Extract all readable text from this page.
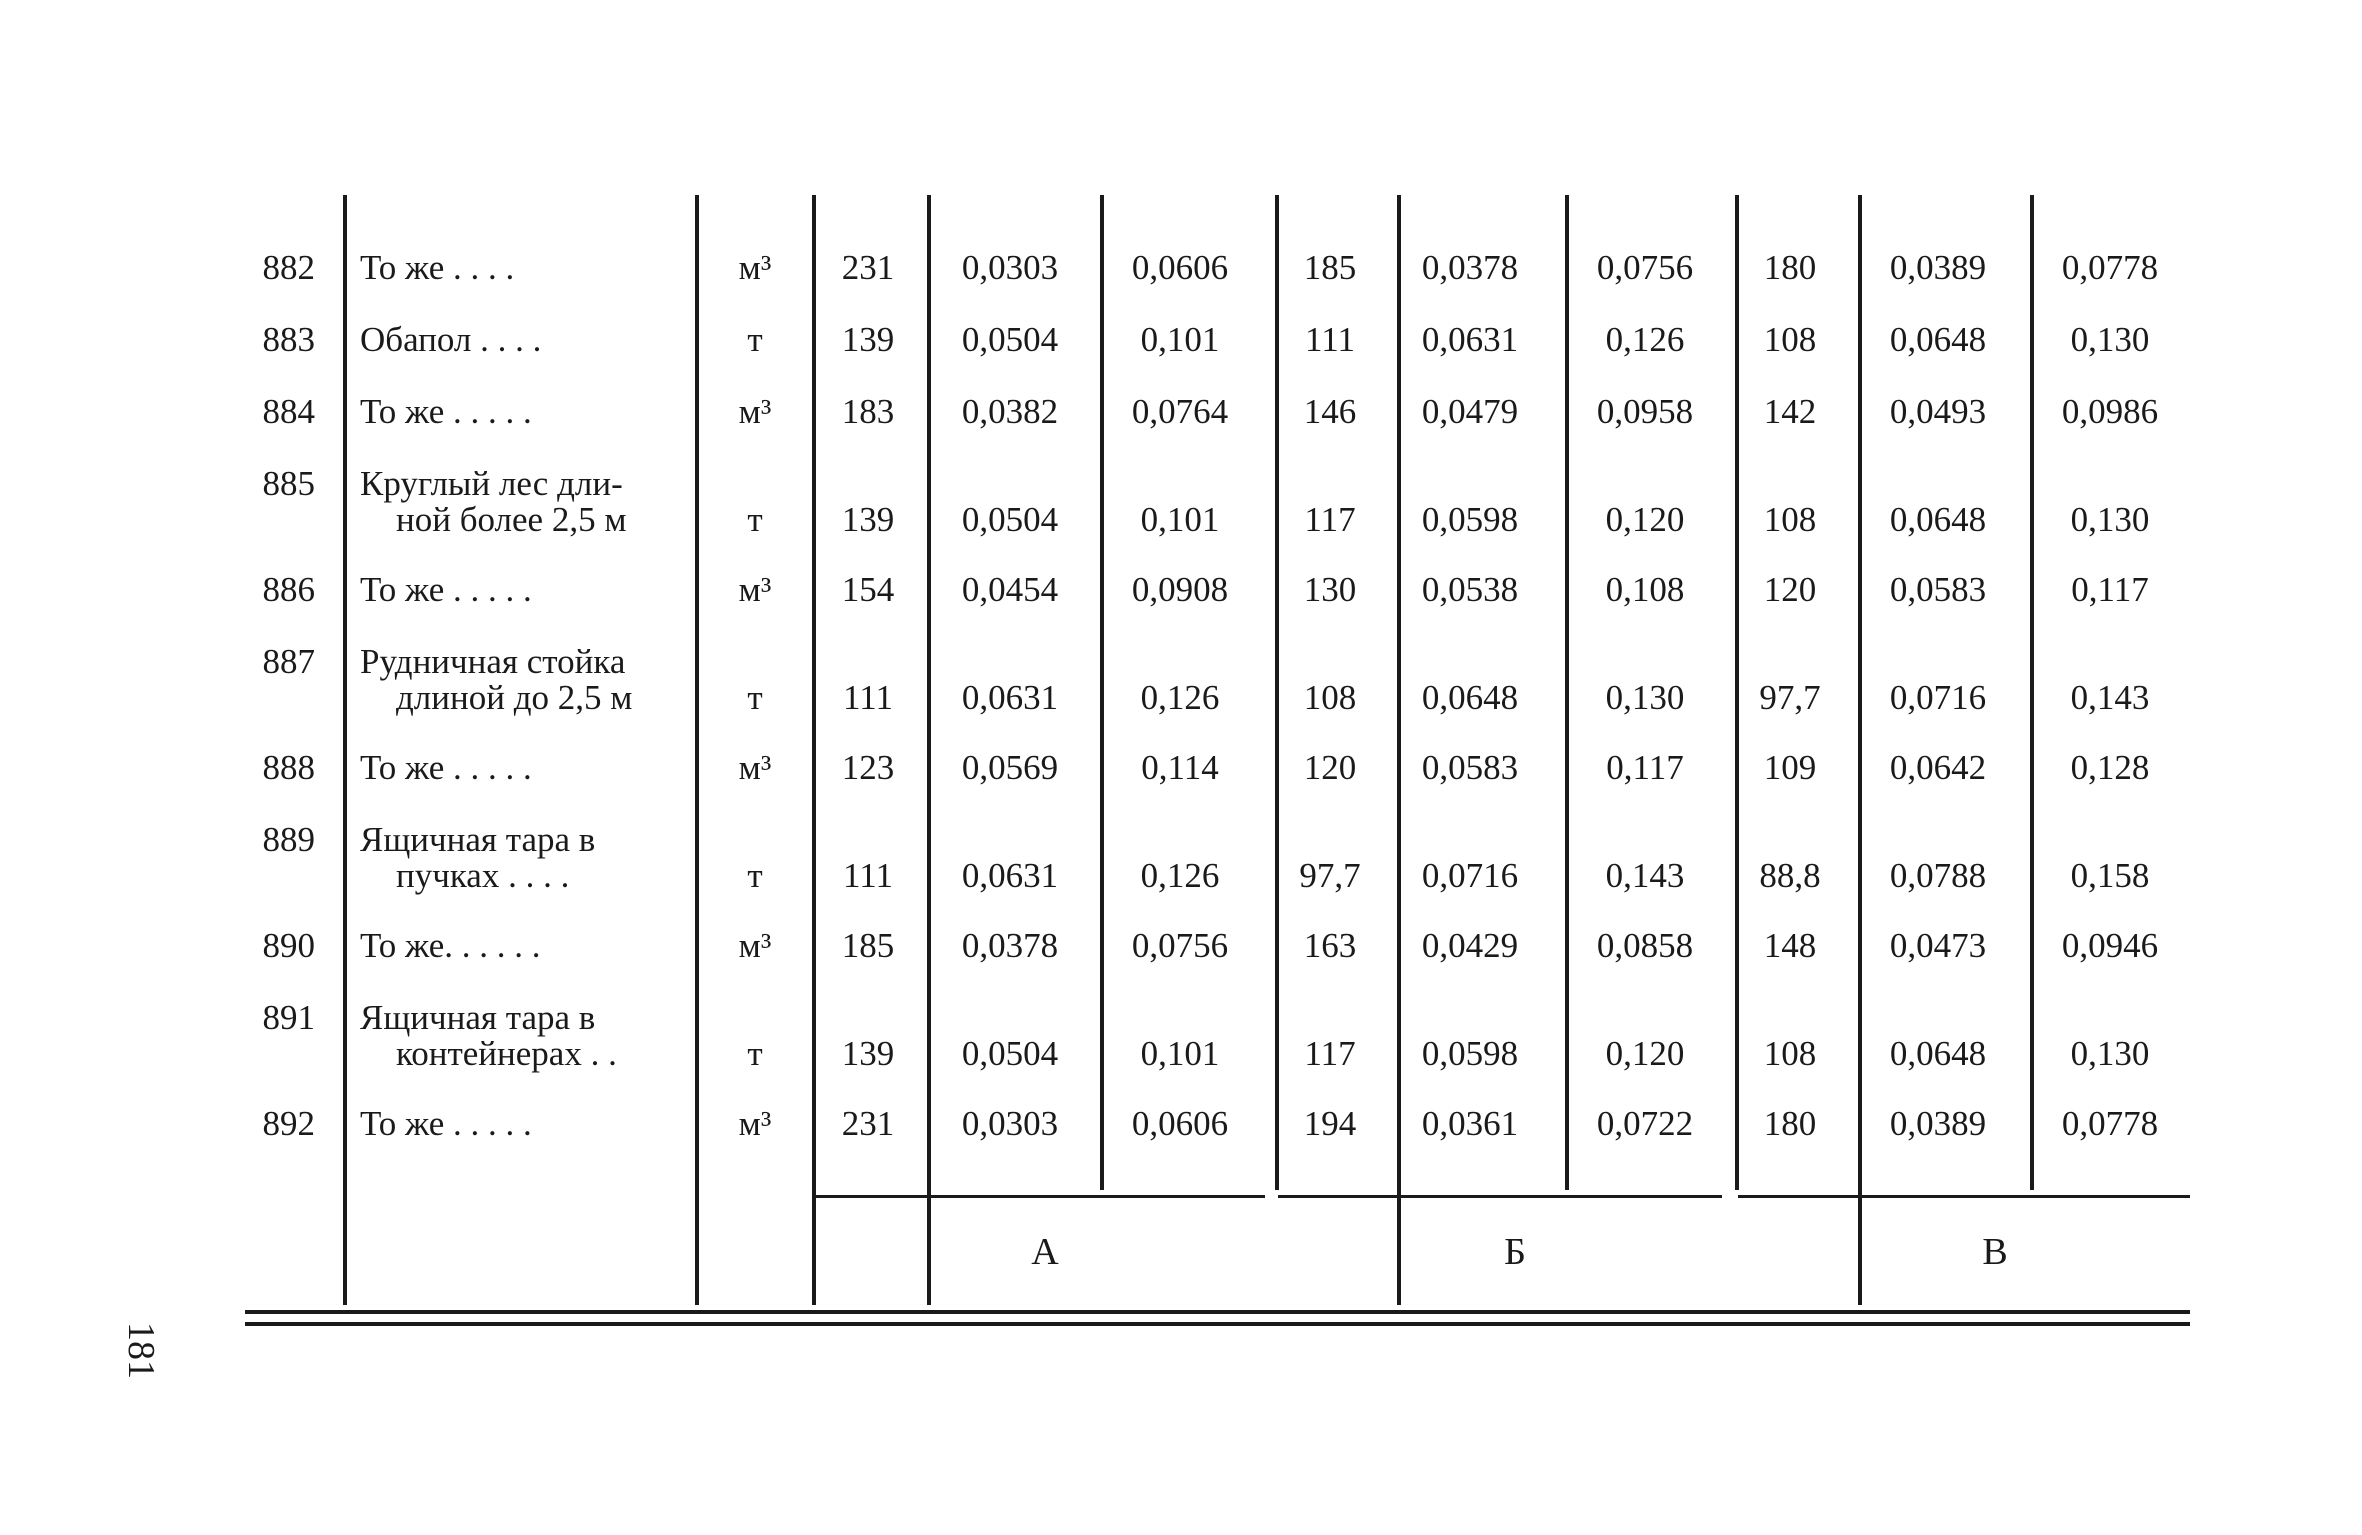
882 То же . . . .	м³	231	0,0303	0,0606	185	0,0378	0,0756	180	0,0389	0,0778
883 Обапол . . . .	т	139	0,0504	0,101	111	0,0631	0,126	108	0,0648	0,130
884 То же . . . . .	м³	183	0,0382	0,0764	146	0,0479	0,0958	142	0,0493	0,0986
885 Круглый лес дли-
ной более 2,5 м	т	139	0,0504	0,101	117	0,0598	0,120	108	0,0648	0,130
886 То же . . . . .	м³	154	0,0454	0,0908	130	0,0538	0,108	120	0,0583	0,117
887 Рудничная стойка
длиной до 2,5 м	т	111	0,0631	0,126	108	0,0648	0,130	97,7	0,0716	0,143
888 То же . . . . .	м³	123	0,0569	0,114	120	0,0583	0,117	109	0,0642	0,128
889 Ящичная тара в
пучках . . . .	т	111	0,0631	0,126	97,7	0,0716	0,143	88,8	0,0788	0,158
890 То же. . . . . .	м³	185	0,0378	0,0756	163	0,0429	0,0858	148	0,0473	0,0946
891 Ящичная тара в
контейнерах . .	т	139	0,0504	0,101	117	0,0598	0,120	108	0,0648	0,130
892 То же . . . . .	м³	231	0,0303	0,0606	194	0,0361	0,0722	180	0,0389	0,0778
А	Б	В
181
